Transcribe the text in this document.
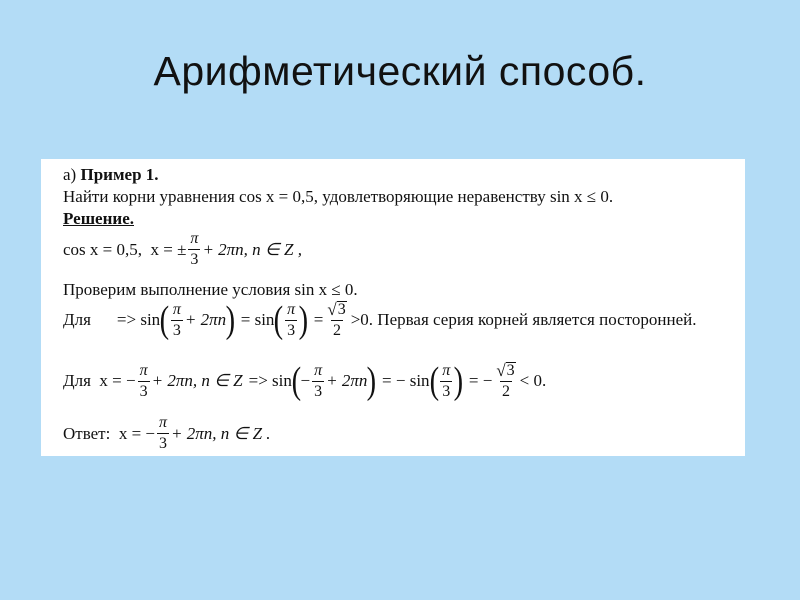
Арифметический способ.
а) Пример 1.
Найти корни уравнения cos x = 0,5, удовлетворяющие неравенству sin x ≤ 0.
Решение.
cos x = 0,5,  x = ± $\frac{\pi}{3} + 2\pi n$, n ∈ Z ,
Проверим выполнение условия sin x ≤ 0.
Для => sin ( $\frac{\pi}{3} + 2\pi n$ ) = sin ( $\frac{\pi}{3}$ ) = $\frac{√ 3}{2} >0$. Первая серия корней является посторонней.
Для  x = − $\frac{\pi}{3} + 2\pi n$, n ∈ Z => sin ( − $\frac{\pi}{3} + 2\pi n$ ) = − sin ( $\frac{\pi}{3}$ ) = − $\frac{√ 3}{2} < 0$.
Ответ:  x = − $\frac{\pi}{3} + 2\pi n$, n ∈ Z .
